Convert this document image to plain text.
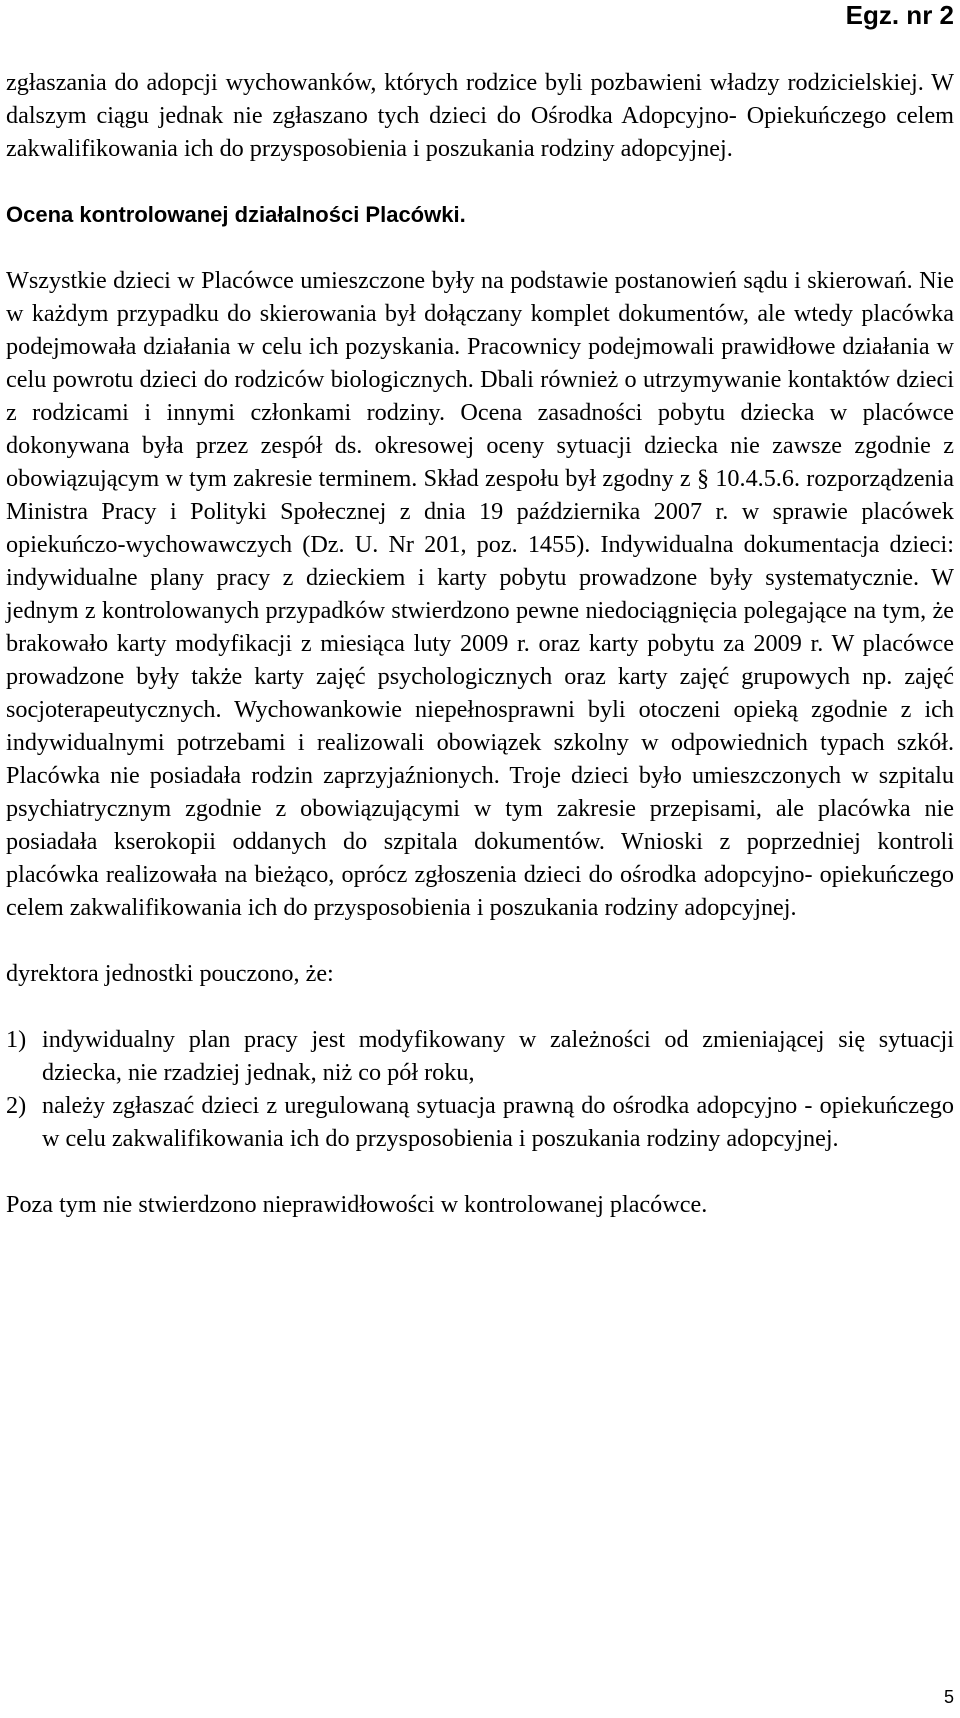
Egz. nr 2

zgłaszania do adopcji wychowanków, których rodzice byli pozbawieni władzy rodzicielskiej. W dalszym ciągu jednak nie zgłaszano tych dzieci do Ośrodka Adopcyjno- Opiekuńczego celem zakwalifikowania ich do przysposobienia i poszukania rodziny adopcyjnej.

Ocena kontrolowanej działalności Placówki.

Wszystkie dzieci w Placówce umieszczone były na podstawie postanowień sądu i skierowań. Nie w każdym przypadku do skierowania był dołączany komplet dokumentów, ale wtedy placówka podejmowała działania w celu ich pozyskania. Pracownicy podejmowali prawidłowe działania w celu powrotu dzieci do rodziców biologicznych. Dbali również o utrzymywanie kontaktów dzieci z rodzicami i innymi członkami rodziny. Ocena zasadności pobytu dziecka w placówce dokonywana była przez zespół ds. okresowej oceny sytuacji dziecka nie zawsze zgodnie z obowiązującym w tym zakresie terminem. Skład zespołu był zgodny z § 10.4.5.6. rozporządzenia Ministra Pracy i Polityki Społecznej z dnia 19 października 2007 r. w sprawie placówek opiekuńczo-wychowawczych (Dz. U. Nr 201, poz. 1455). Indywidualna dokumentacja dzieci: indywidualne plany pracy z dzieckiem i karty pobytu prowadzone były systematycznie. W jednym z kontrolowanych przypadków stwierdzono pewne niedociągnięcia polegające na tym, że brakowało karty modyfikacji z miesiąca luty 2009 r. oraz karty pobytu za 2009 r. W placówce prowadzone były także karty zajęć psychologicznych oraz karty zajęć grupowych np. zajęć socjoterapeutycznych. Wychowankowie niepełnosprawni byli otoczeni opieką zgodnie z ich indywidualnymi potrzebami i realizowali obowiązek szkolny w odpowiednich typach szkół. Placówka nie posiadała rodzin zaprzyjaźnionych. Troje dzieci było umieszczonych w szpitalu psychiatrycznym zgodnie z obowiązującymi w tym zakresie przepisami, ale placówka nie posiadała kserokopii oddanych do szpitala dokumentów. Wnioski z poprzedniej kontroli placówka realizowała na bieżąco, oprócz zgłoszenia dzieci do ośrodka adopcyjno- opiekuńczego celem zakwalifikowania ich do przysposobienia i poszukania rodziny adopcyjnej.

dyrektora jednostki pouczono, że:

1) indywidualny plan pracy jest modyfikowany w zależności od zmieniającej się sytuacji dziecka, nie rzadziej jednak, niż co pół roku,
2) należy zgłaszać dzieci z uregulowaną sytuacja prawną do ośrodka adopcyjno - opiekuńczego w celu zakwalifikowania ich do przysposobienia i poszukania rodziny adopcyjnej.

Poza tym nie stwierdzono nieprawidłowości w kontrolowanej placówce.

5
